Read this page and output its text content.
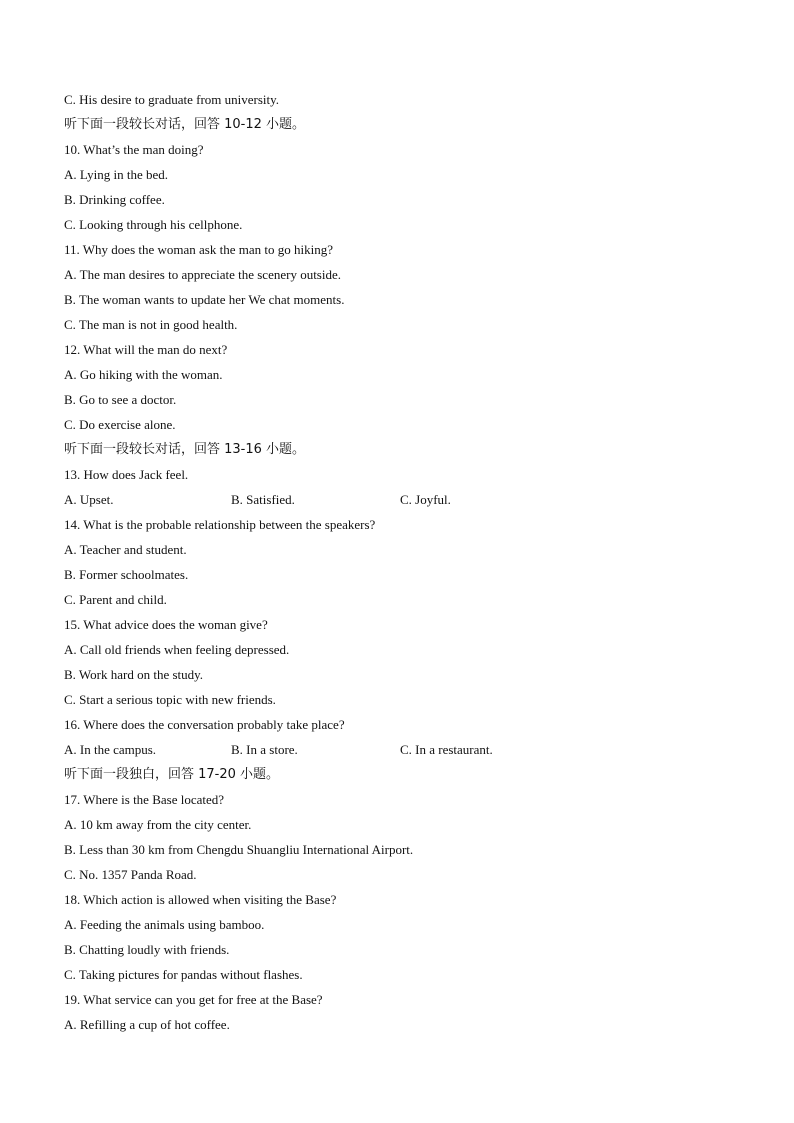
C. His desire to graduate from university.
听下面一段较长对话，回答 10-12 小题。
10. What’s the man doing?
A. Lying in the bed.
B. Drinking coffee.
C. Looking through his cellphone.
11. Why does the woman ask the man to go hiking?
A. The man desires to appreciate the scenery outside.
B. The woman wants to update her We chat moments.
C. The man is not in good health.
12. What will the man do next?
A. Go hiking with the woman.
B. Go to see a doctor.
C. Do exercise alone.
听下面一段较长对话，回答 13-16 小题。
13. How does Jack feel.
A. Upset.	B. Satisfied.	C. Joyful.
14. What is the probable relationship between the speakers?
A. Teacher and student.
B. Former schoolmates.
C. Parent and child.
15. What advice does the woman give?
A. Call old friends when feeling depressed.
B. Work hard on the study.
C. Start a serious topic with new friends.
16. Where does the conversation probably take place?
A. In the campus.	B. In a store.	C. In a restaurant.
听下面一段独白，回答 17-20 小题。
17. Where is the Base located?
A. 10 km away from the city center.
B. Less than 30 km from Chengdu Shuangliu International Airport.
C. No. 1357 Panda Road.
18. Which action is allowed when visiting the Base?
A. Feeding the animals using bamboo.
B. Chatting loudly with friends.
C. Taking pictures for pandas without flashes.
19. What service can you get for free at the Base?
A. Refilling a cup of hot coffee.
